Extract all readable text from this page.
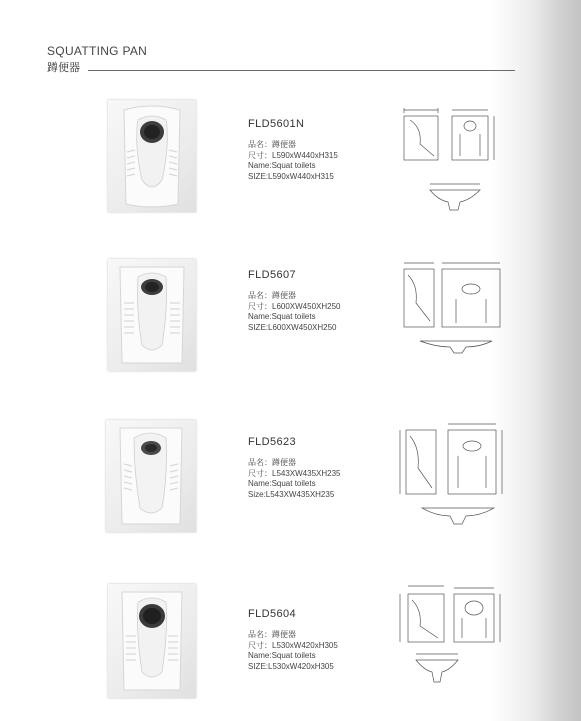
SQUATTING PAN
蹲便器
FLD5601N
品名：蹲便器
尺寸：L590xW440xH315
Name:Squat toilets
SIZE:L590xW440xH315
FLD5607
品名：蹲便器
尺寸：L600XW450XH250
Name:Squat toilets
SIZE:L600XW450XH250
FLD5623
品名：蹲便器
尺寸：L543XW435XH235
Name:Squat toilets
Size:L543XW435XH235
FLD5604
品名：蹲便器
尺寸：L530xW420xH305
Name:Squat toilets
SIZE:L530xW420xH305
